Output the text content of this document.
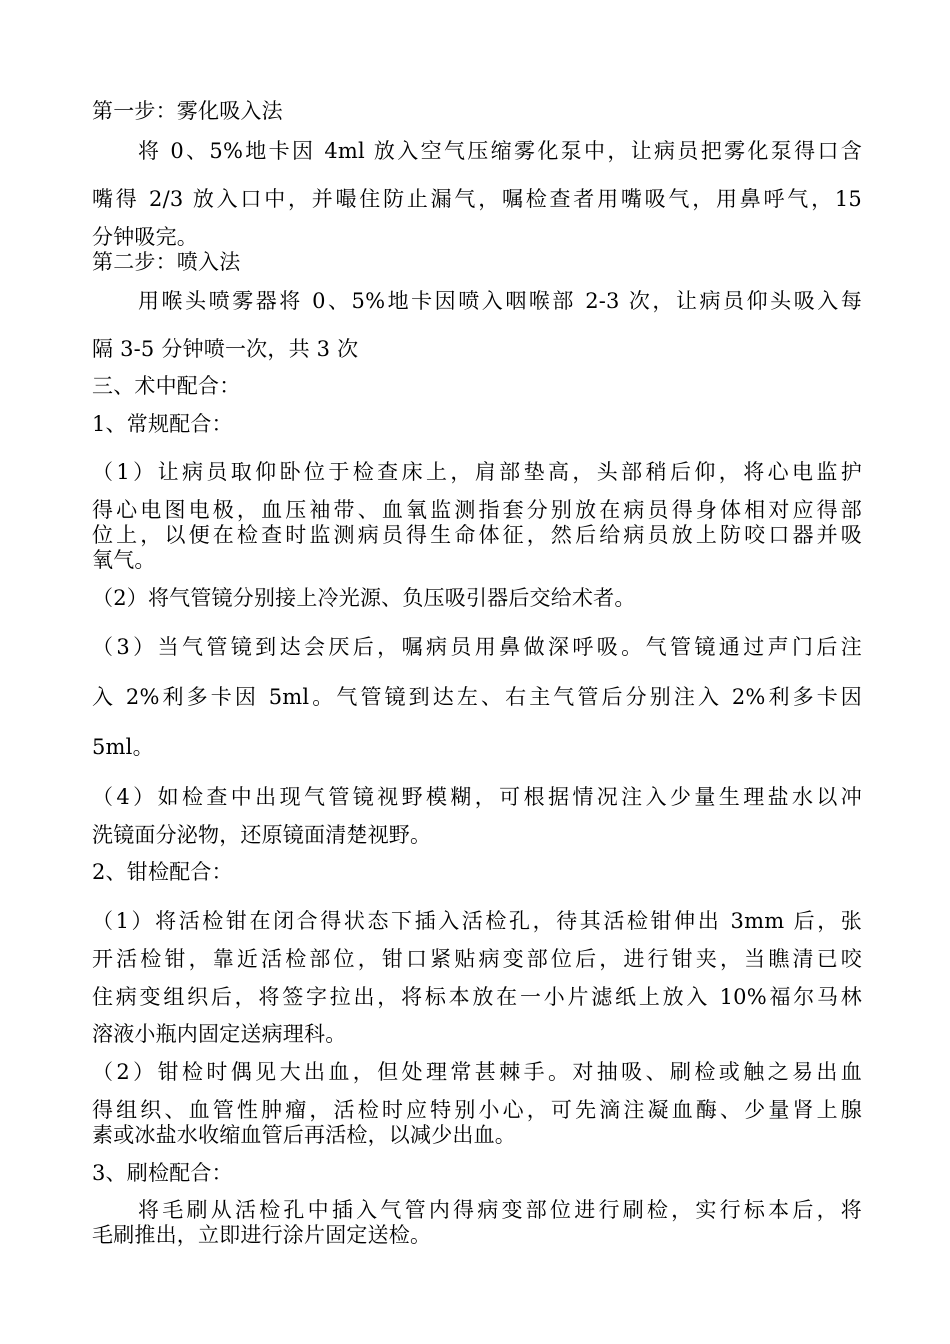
第一步：雾化吸入法
将 0、5%地卡因 4ml 放入空气压缩雾化泵中，让病员把雾化泵得口含
嘴得 2/3 放入口中，并嘬住防止漏气，嘱检查者用嘴吸气，用鼻呼气，15
分钟吸完。
第二步：喷入法
用喉头喷雾器将 0、5%地卡因喷入咽喉部 2-3 次，让病员仰头吸入每
隔 3-5 分钟喷一次，共 3 次
三、术中配合：
1、常规配合：
（1）让病员取仰卧位于检查床上，肩部垫高，头部稍后仰，将心电监护
得心电图电极，血压袖带、血氧监测指套分别放在病员得身体相对应得部
位上，以便在检查时监测病员得生命体征，然后给病员放上防咬口器并吸
氧气。
（2）将气管镜分别接上冷光源、负压吸引器后交给术者。
（3）当气管镜到达会厌后，嘱病员用鼻做深呼吸。气管镜通过声门后注
入 2%利多卡因 5ml。气管镜到达左、右主气管后分别注入 2%利多卡因
5ml。
（4）如检查中出现气管镜视野模糊，可根据情况注入少量生理盐水以冲
洗镜面分泌物，还原镜面清楚视野。
2、钳检配合：
（1）将活检钳在闭合得状态下插入活检孔，待其活检钳伸出 3mm 后，张
开活检钳，靠近活检部位，钳口紧贴病变部位后，进行钳夹，当瞧清已咬
住病变组织后，将签字拉出，将标本放在一小片滤纸上放入 10%福尔马林
溶液小瓶内固定送病理科。
（2）钳检时偶见大出血，但处理常甚棘手。对抽吸、刷检或触之易出血
得组织、血管性肿瘤，活检时应特别小心，可先滴注凝血酶、少量肾上腺
素或冰盐水收缩血管后再活检，以减少出血。
3、刷检配合：
将毛刷从活检孔中插入气管内得病变部位进行刷检，实行标本后，将
毛刷推出，立即进行涂片固定送检。
